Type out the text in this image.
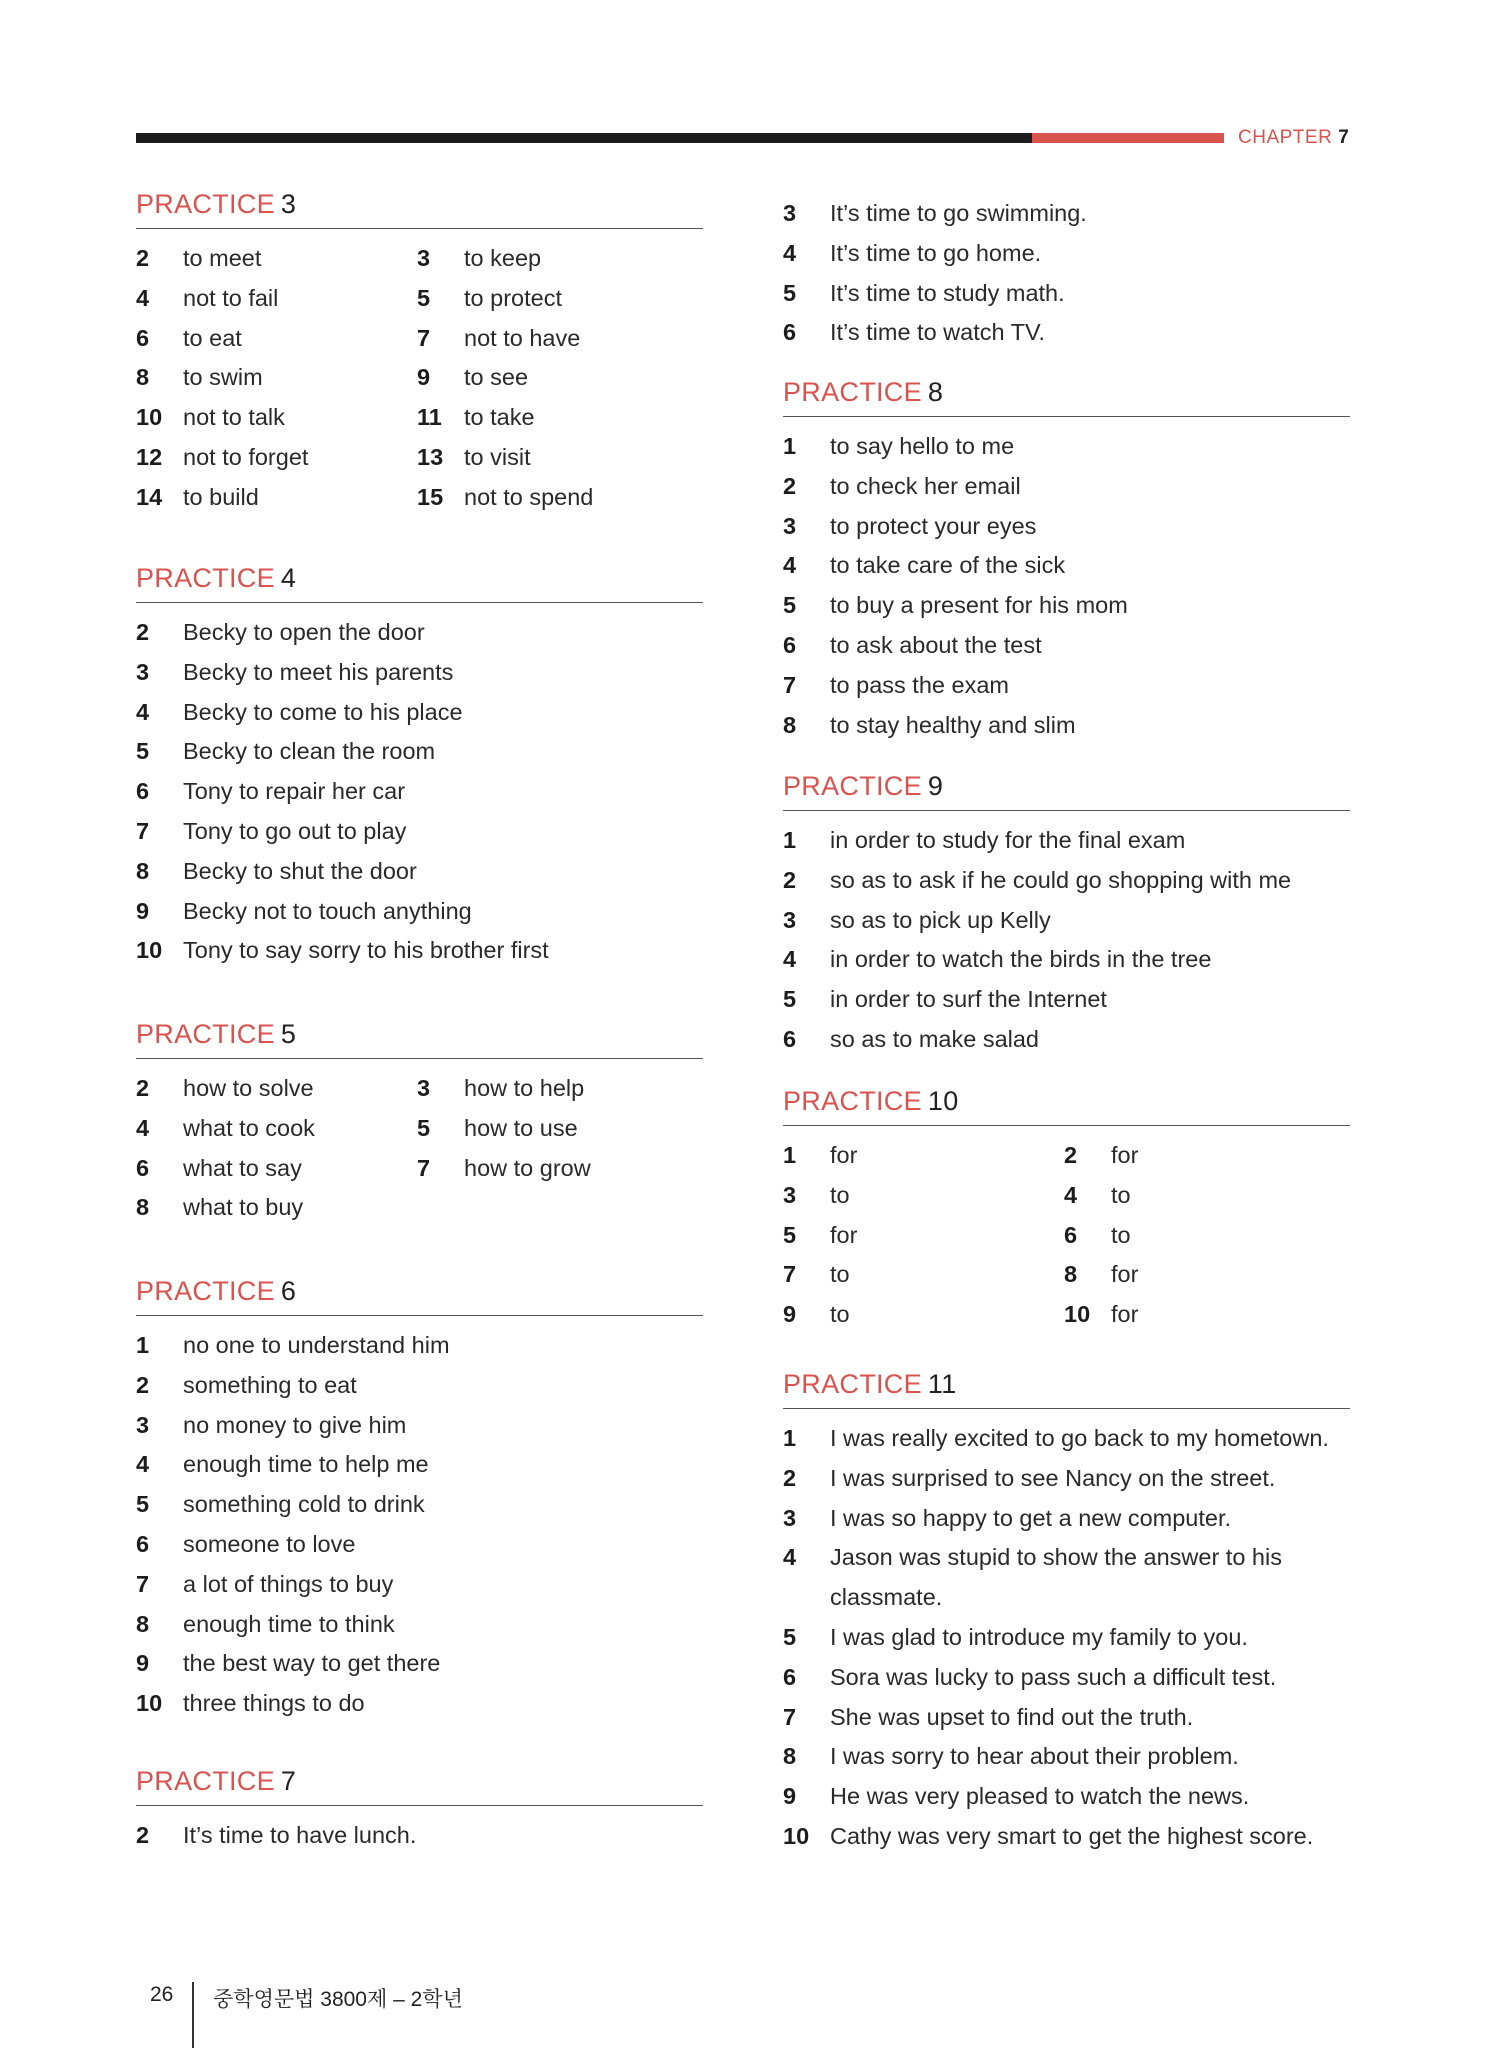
CHAPTER 7
PRACTICE 3
2	to meet	3	to keep
4	not to fail	5	to protect
6	to eat	7	not to have
8	to swim	9	to see
10 not to talk	11 to take
12 not to forget	13 to visit
14 to build	15 not to spend
PRACTICE 4
2	Becky to open the door
3	Becky to meet his parents
4	Becky to come to his place
5	Becky to clean the room
6	Tony to repair her car
7	Tony to go out to play
8	Becky to shut the door
9	Becky not to touch anything
10 Tony to say sorry to his brother first
PRACTICE 5
2	how to solve	3	how to help
4	what to cook	5	how to use
6	what to say	7	how to grow
8	what to buy
PRACTICE 6
1	no one to understand him
2	something to eat
3	no money to give him
4	enough time to help me
5	something cold to drink
6	someone to love
7	a lot of things to buy
8	enough time to think
9	the best way to get there
10 three things to do
PRACTICE 7
2	It’s time to have lunch.
3	It’s time to go swimming.
4	It’s time to go home.
5	It’s time to study math.
6	It’s time to watch TV.
PRACTICE 8
1	to say hello to me
2	to check her email
3	to protect your eyes
4	to take care of the sick
5	to buy a present for his mom
6	to ask about the test
7	to pass the exam
8	to stay healthy and slim
PRACTICE 9
1	in order to study for the final exam
2	so as to ask if he could go shopping with me
3	so as to pick up Kelly
4	in order to watch the birds in the tree
5	in order to surf the Internet
6	so as to make salad
PRACTICE 10
1	for	2	for
3	to	4	to
5	for	6	to
7	to	8	for
9	to	10 for
PRACTICE 11
1	I was really excited to go back to my hometown.
2	I was surprised to see Nancy on the street.
3	I was so happy to get a new computer.
4	Jason was stupid to show the answer to his classmate.
5	I was glad to introduce my family to you.
6	Sora was lucky to pass such a difficult test.
7	She was upset to find out the truth.
8	I was sorry to hear about their problem.
9	He was very pleased to watch the news.
10 Cathy was very smart to get the highest score.
26 중학영문법 3800제 – 2학년
